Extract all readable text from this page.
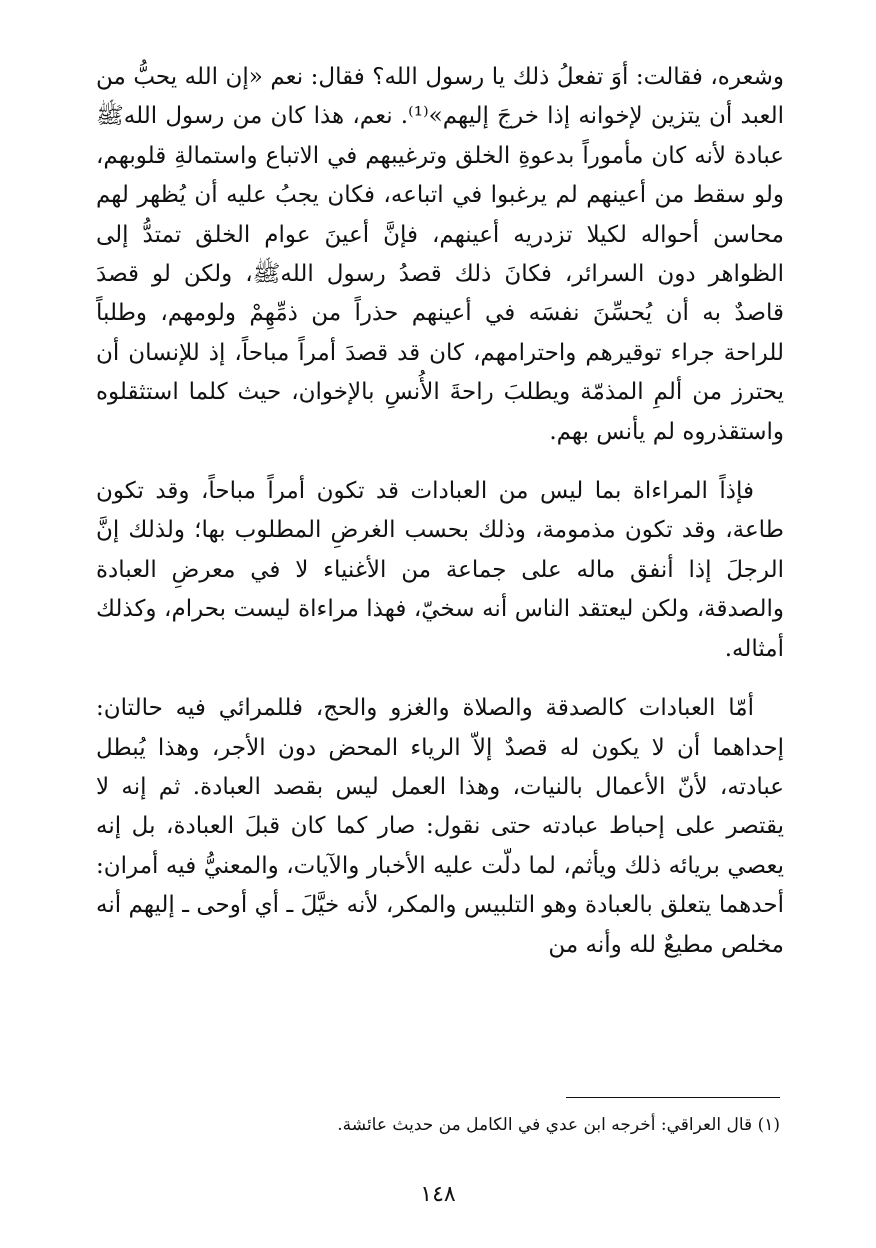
وشعره، فقالت: أوَ تفعلُ ذلك يا رسول الله؟ فقال: نعم «إن الله يحبُّ من العبد أن يتزين لإخوانه إذا خرجَ إليهم»⁽¹⁾. نعم، هذا كان من رسول اللهﷺ عبادة لأنه كان مأموراً بدعوةِ الخلق وترغيبهم في الاتباع واستمالةِ قلوبهم، ولو سقط من أعينهم لم يرغبوا في اتباعه، فكان يجبُ عليه أن يُظهر لهم محاسن أحواله لكيلا تزدريه أعينهم، فإنَّ أعينَ عوام الخلق تمتدُّ إلى الظواهر دون السرائر، فكانَ ذلك قصدُ رسول اللهﷺ، ولكن لو قصدَ قاصدٌ به أن يُحسِّنَ نفسَه في أعينهم حذراً من ذمِّهِمْ ولومهم، وطلباً للراحة جراء توقيرهم واحترامهم، كان قد قصدَ أمراً مباحاً، إذ للإنسان أن يحترز من ألمِ المذمّة ويطلبَ راحةَ الأُنسِ بالإخوان، حيث كلما استثقلوه واستقذروه لم يأنس بهم.

فإذاً المراءاة بما ليس من العبادات قد تكون أمراً مباحاً، وقد تكون طاعة، وقد تكون مذمومة، وذلك بحسب الغرضِ المطلوب بها؛ ولذلك إنَّ الرجلَ إذا أنفق ماله على جماعة من الأغنياء لا في معرضِ العبادة والصدقة، ولكن ليعتقد الناس أنه سخيّ، فهذا مراءاة ليست بحرام، وكذلك أمثاله.

أمّا العبادات كالصدقة والصلاة والغزو والحج، فللمرائي فيه حالتان: إحداهما أن لا يكون له قصدٌ إلاّ الرياء المحض دون الأجر، وهذا يُبطل عبادته، لأنّ الأعمال بالنيات، وهذا العمل ليس بقصد العبادة. ثم إنه لا يقتصر على إحباط عبادته حتى نقول: صار كما كان قبلَ العبادة، بل إنه يعصي بريائه ذلك ويأثم، لما دلّت عليه الأخبار والآيات، والمعنيُّ فيه أمران: أحدهما يتعلق بالعبادة وهو التلبيس والمكر، لأنه خيَّلَ ـ أي أوحى ـ إليهم أنه مخلص مطيعٌ لله وأنه من

(١) قال العراقي: أخرجه ابن عدي في الكامل من حديث عائشة.

١٤٨
